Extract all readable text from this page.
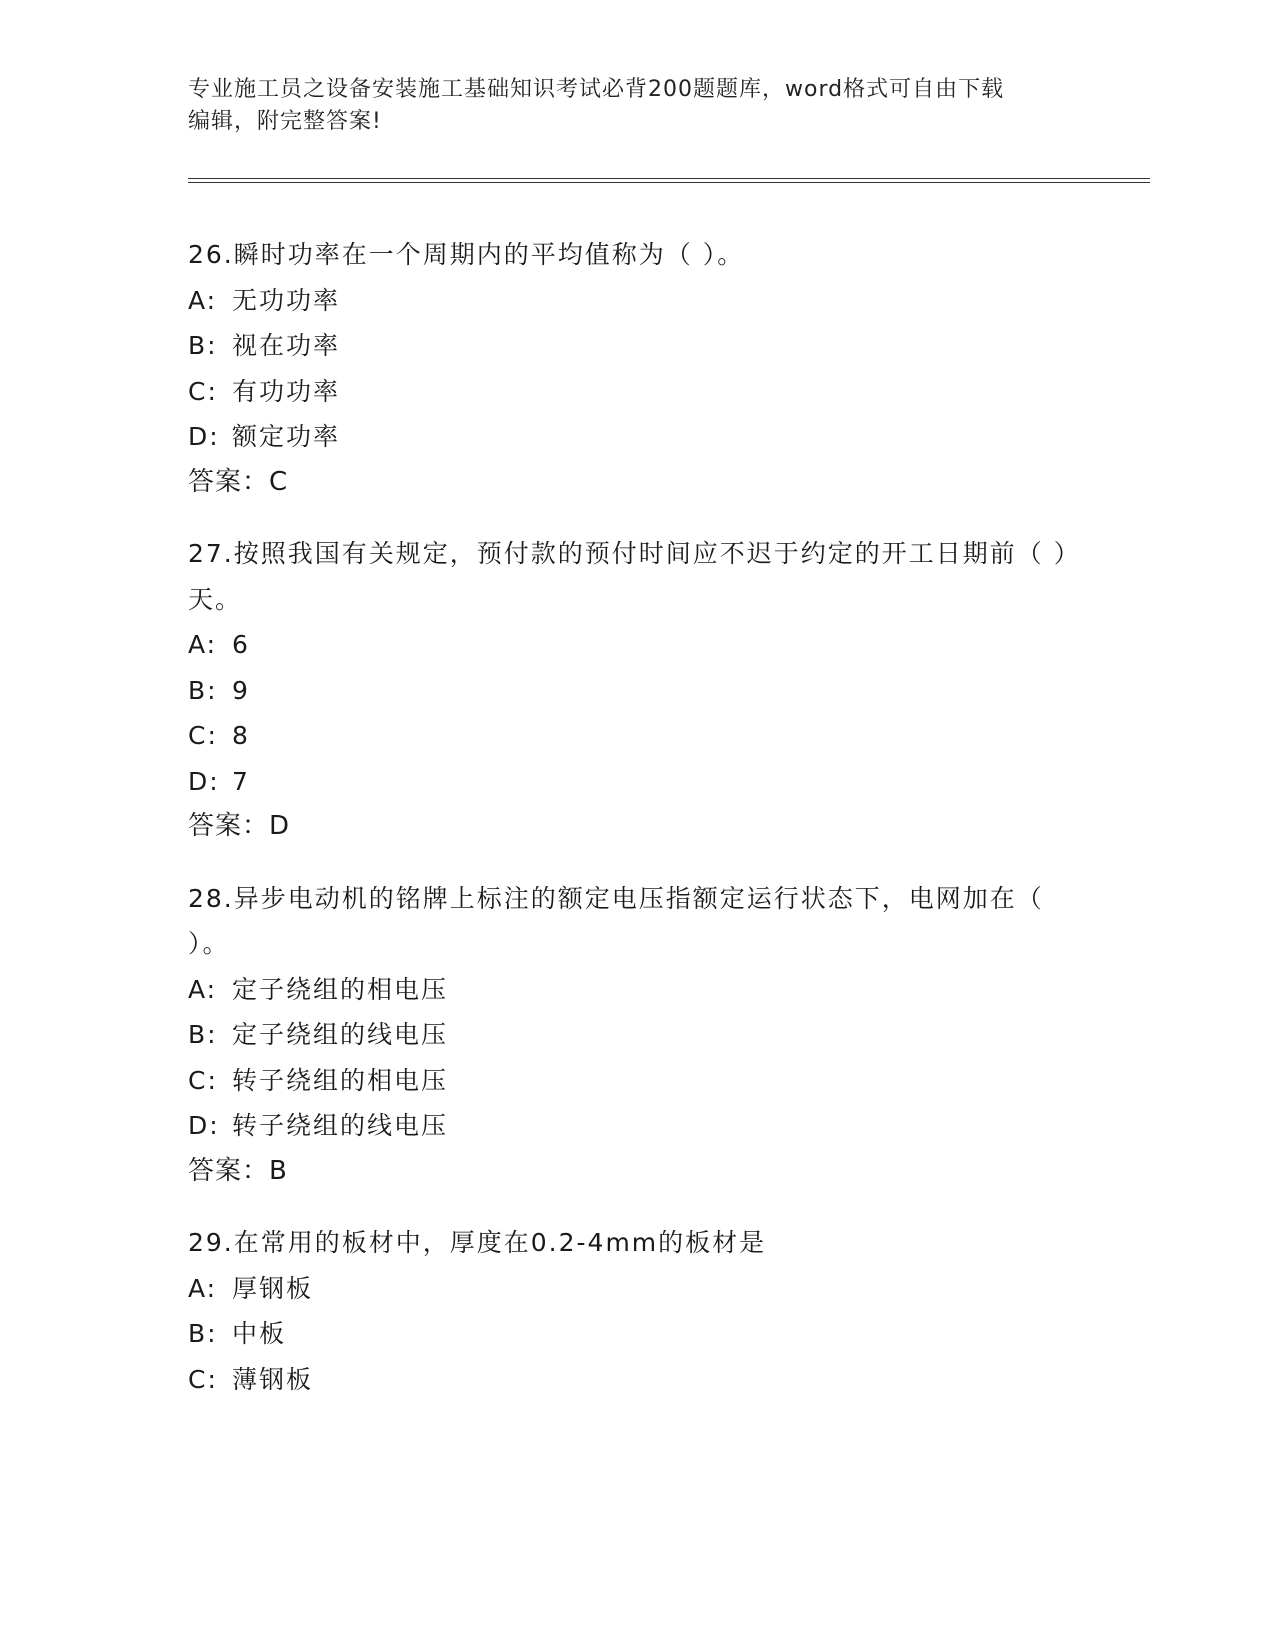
专业施工员之设备安装施工基础知识考试必背200题题库，word格式可自由下载
编辑，附完整答案!
26.瞬时功率在一个周期内的平均值称为（ ）。
A: 无功功率
B: 视在功率
C: 有功功率
D: 额定功率
答案：C
27.按照我国有关规定，预付款的预付时间应不迟于约定的开工日期前（ ）天。
A: 6
B: 9
C: 8
D: 7
答案：D
28.异步电动机的铭牌上标注的额定电压指额定运行状态下，电网加在（ ）。
A: 定子绕组的相电压
B: 定子绕组的线电压
C: 转子绕组的相电压
D: 转子绕组的线电压
答案：B
29.在常用的板材中，厚度在0.2-4mm的板材是
A: 厚钢板
B: 中板
C: 薄钢板
